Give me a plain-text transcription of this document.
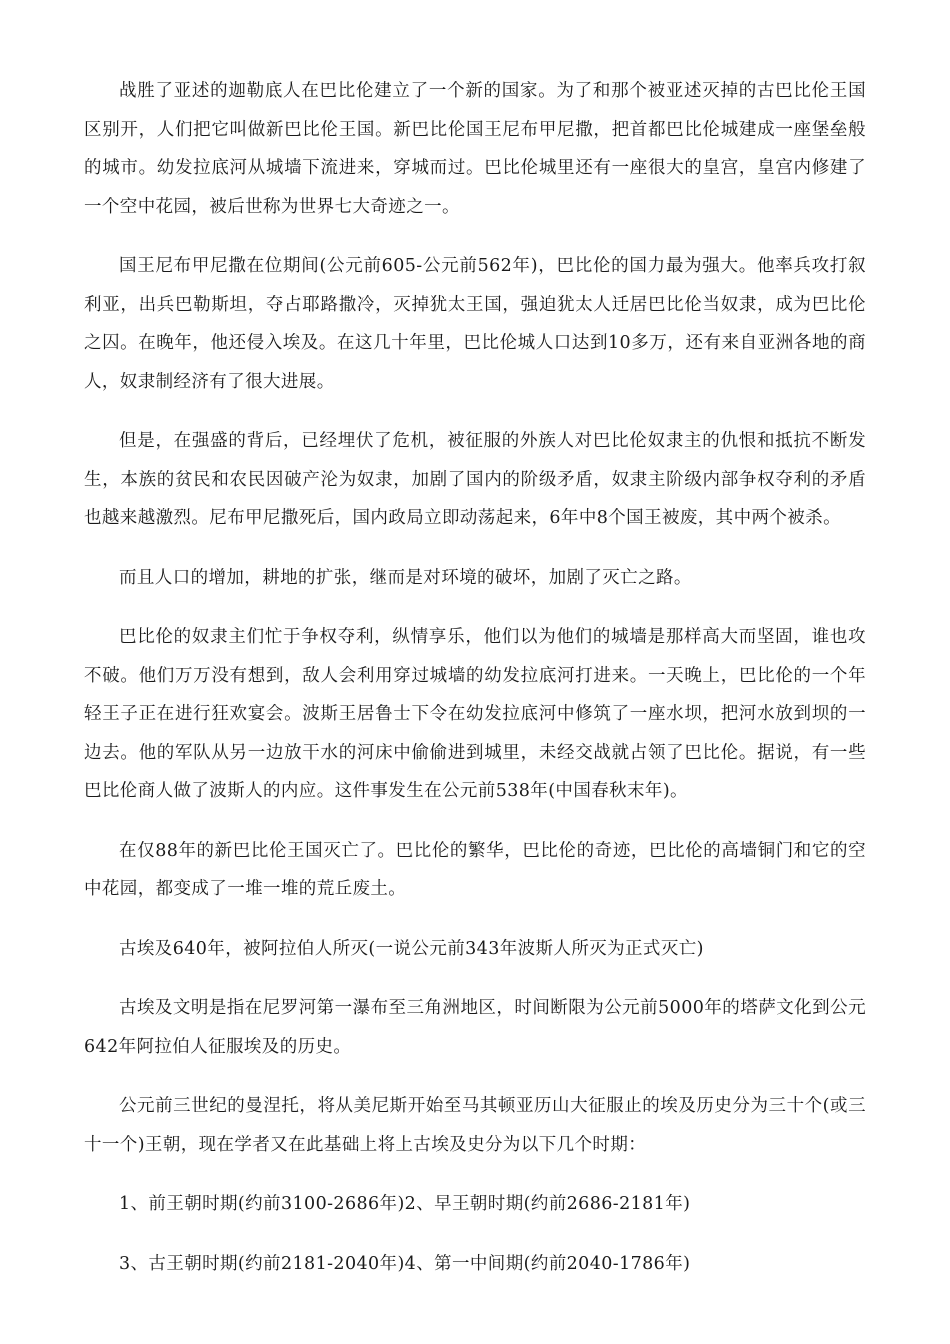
战胜了亚述的迦勒底人在巴比伦建立了一个新的国家。为了和那个被亚述灭掉的古巴比伦王国区别开，人们把它叫做新巴比伦王国。新巴比伦国王尼布甲尼撒，把首都巴比伦城建成一座堡垒般的城市。幼发拉底河从城墙下流进来，穿城而过。巴比伦城里还有一座很大的皇宫，皇宫内修建了一个空中花园，被后世称为世界七大奇迹之一。

国王尼布甲尼撒在位期间(公元前605-公元前562年)，巴比伦的国力最为强大。他率兵攻打叙利亚，出兵巴勒斯坦，夺占耶路撒冷，灭掉犹太王国，强迫犹太人迁居巴比伦当奴隶，成为巴比伦之囚。在晚年，他还侵入埃及。在这几十年里，巴比伦城人口达到10多万，还有来自亚洲各地的商人，奴隶制经济有了很大进展。

但是，在强盛的背后，已经埋伏了危机，被征服的外族人对巴比伦奴隶主的仇恨和抵抗不断发生，本族的贫民和农民因破产沦为奴隶，加剧了国内的阶级矛盾，奴隶主阶级内部争权夺利的矛盾也越来越激烈。尼布甲尼撒死后，国内政局立即动荡起来，6年中8个国王被废，其中两个被杀。

而且人口的增加，耕地的扩张，继而是对环境的破坏，加剧了灭亡之路。

巴比伦的奴隶主们忙于争权夺利，纵情享乐，他们以为他们的城墙是那样高大而坚固，谁也攻不破。他们万万没有想到，敌人会利用穿过城墙的幼发拉底河打进来。一天晚上，巴比伦的一个年轻王子正在进行狂欢宴会。波斯王居鲁士下令在幼发拉底河中修筑了一座水坝，把河水放到坝的一边去。他的军队从另一边放干水的河床中偷偷进到城里，未经交战就占领了巴比伦。据说，有一些巴比伦商人做了波斯人的内应。这件事发生在公元前538年(中国春秋末年)。

在仅88年的新巴比伦王国灭亡了。巴比伦的繁华，巴比伦的奇迹，巴比伦的高墙铜门和它的空中花园，都变成了一堆一堆的荒丘废土。

古埃及640年，被阿拉伯人所灭(一说公元前343年波斯人所灭为正式灭亡)

古埃及文明是指在尼罗河第一瀑布至三角洲地区，时间断限为公元前5000年的塔萨文化到公元642年阿拉伯人征服埃及的历史。

公元前三世纪的曼涅托，将从美尼斯开始至马其顿亚历山大征服止的埃及历史分为三十个(或三十一个)王朝，现在学者又在此基础上将上古埃及史分为以下几个时期：

1、前王朝时期(约前3100-2686年)2、早王朝时期(约前2686-2181年)

3、古王朝时期(约前2181-2040年)4、第一中间期(约前2040-1786年)
